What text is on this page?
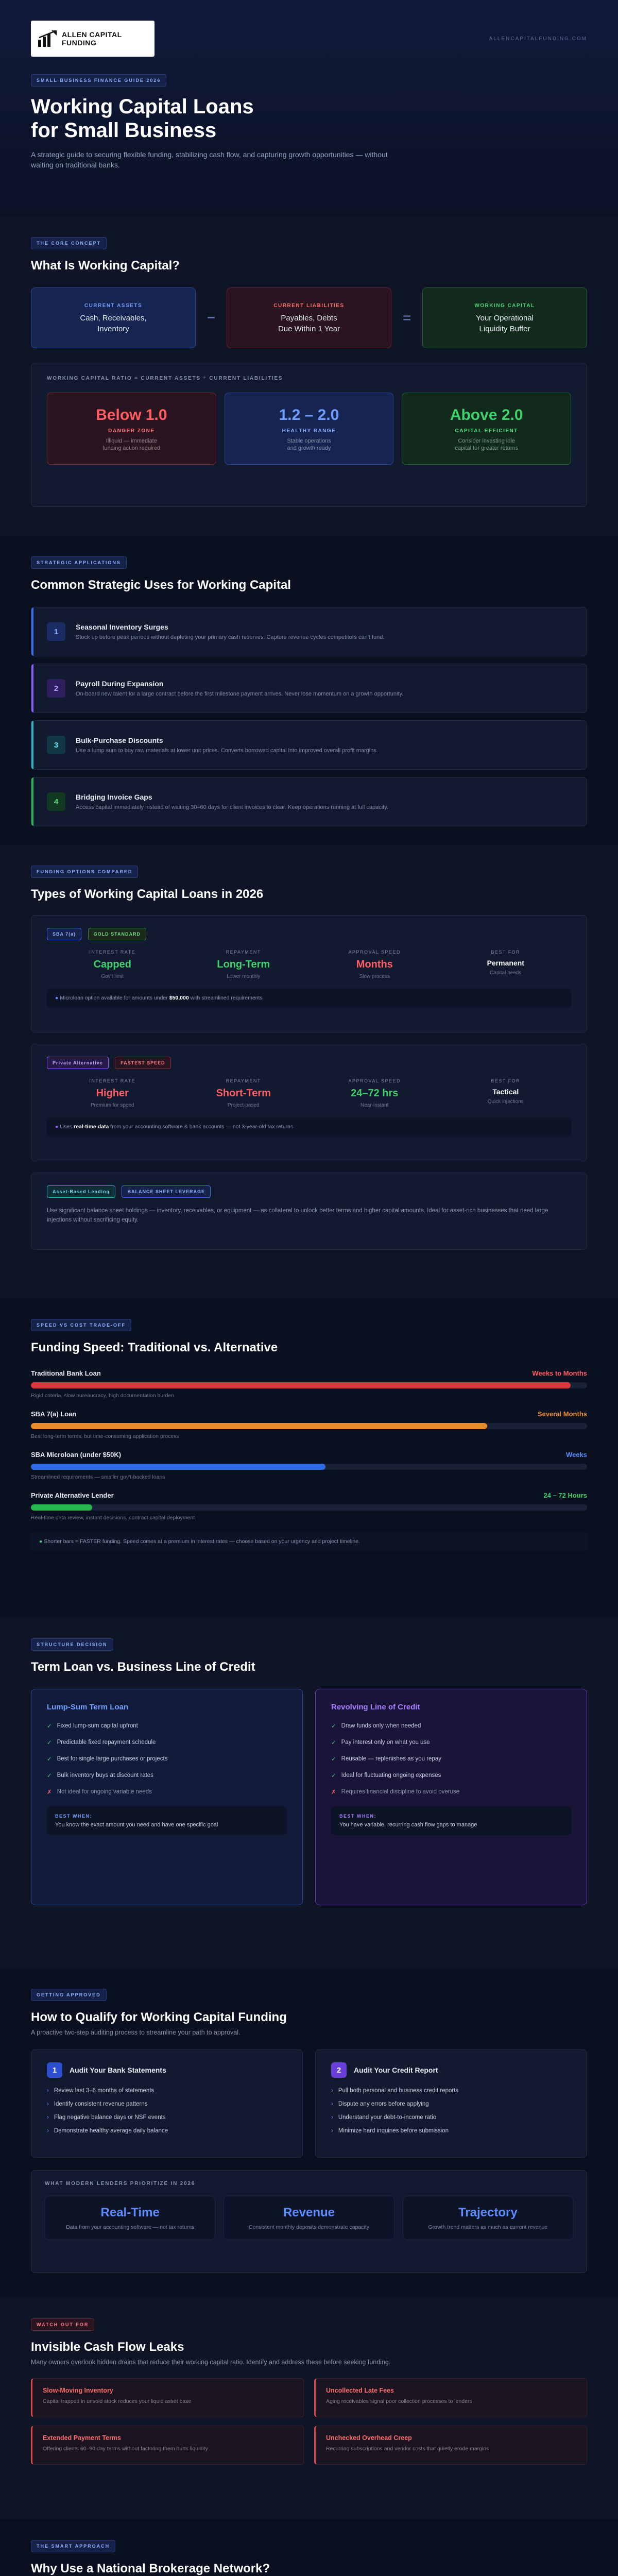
ALLEN CAPITAL
FUNDING	ALLENCAPITALFUNDING.COM
SMALL BUSINESS FINANCE GUIDE 2026
Working Capital Loans
for Small Business
A strategic guide to securing flexible funding, stabilizing cash flow, and capturing growth opportunities — without waiting on traditional banks.
THE CORE CONCEPT
What Is Working Capital?
CURRENT ASSETS
Cash, Receivables,
Inventory
−
CURRENT LIABILITIES
Payables, Debts
Due Within 1 Year
=
WORKING CAPITAL
Your Operational
Liquidity Buffer
WORKING CAPITAL RATIO = CURRENT ASSETS ÷ CURRENT LIABILITIES
Below 1.0
DANGER ZONE
Illiquid — immediate
funding action required
1.2 – 2.0
HEALTHY RANGE
Stable operations
and growth ready
Above 2.0
CAPITAL EFFICIENT
Consider investing idle
capital for greater returns
STRATEGIC APPLICATIONS
Common Strategic Uses for Working Capital
1
Seasonal Inventory Surges
Stock up before peak periods without depleting your primary cash reserves. Capture revenue cycles competitors can't fund.
2
Payroll During Expansion
On-board new talent for a large contract before the first milestone payment arrives. Never lose momentum on a growth opportunity.
3
Bulk-Purchase Discounts
Use a lump sum to buy raw materials at lower unit prices. Converts borrowed capital into improved overall profit margins.
4
Bridging Invoice Gaps
Access capital immediately instead of waiting 30–60 days for client invoices to clear. Keep operations running at full capacity.
FUNDING OPTIONS COMPARED
Types of Working Capital Loans in 2026
SBA 7(a)	GOLD STANDARD
INTEREST RATE
Capped
Gov't limit
REPAYMENT
Long-Term
Lower monthly
APPROVAL SPEED
Months
Slow process
BEST FOR
Permanent
Capital needs
● Microloan option available for amounts under $50,000 with streamlined requirements
Private Alternative	FASTEST SPEED
INTEREST RATE
Higher
Premium for speed
REPAYMENT
Short-Term
Project-based
APPROVAL SPEED
24–72 hrs
Near-instant
BEST FOR
Tactical
Quick injections
● Uses real-time data from your accounting software & bank accounts — not 3-year-old tax returns
Asset-Based Lending	BALANCE SHEET LEVERAGE
Use significant balance sheet holdings — inventory, receivables, or equipment — as collateral to unlock better terms and higher capital amounts. Ideal for asset-rich businesses that need large injections without sacrificing equity.
SPEED VS COST TRADE-OFF
Funding Speed: Traditional vs. Alternative
Traditional Bank Loan	Weeks to Months
Rigid criteria, slow bureaucracy, high documentation burden
SBA 7(a) Loan	Several Months
Best long-term terms, but time-consuming application process
SBA Microloan (under $50K)	Weeks
Streamlined requirements — smaller gov't-backed loans
Private Alternative Lender	24 – 72 Hours
Real-time data review, instant decisions, contract capital deployment
● Shorter bars = FASTER funding. Speed comes at a premium in interest rates — choose based on your urgency and project timeline.
STRUCTURE DECISION
Term Loan vs. Business Line of Credit
Lump-Sum Term Loan
✓ Fixed lump-sum capital upfront
✓ Predictable fixed repayment schedule
✓ Best for single large purchases or projects
✓ Bulk inventory buys at discount rates
✗ Not ideal for ongoing variable needs
BEST WHEN:
You know the exact amount you need and have one specific goal
Revolving Line of Credit
✓ Draw funds only when needed
✓ Pay interest only on what you use
✓ Reusable — replenishes as you repay
✓ Ideal for fluctuating ongoing expenses
✗ Requires financial discipline to avoid overuse
BEST WHEN:
You have variable, recurring cash flow gaps to manage
GETTING APPROVED
How to Qualify for Working Capital Funding
A proactive two-step auditing process to streamline your path to approval.
1	Audit Your Bank Statements
› Review last 3–6 months of statements
› Identify consistent revenue patterns
› Flag negative balance days or NSF events
› Demonstrate healthy average daily balance
2	Audit Your Credit Report
› Pull both personal and business credit reports
› Dispute any errors before applying
› Understand your debt-to-income ratio
› Minimize hard inquiries before submission
WHAT MODERN LENDERS PRIORITIZE IN 2026
Real-Time
Data from your accounting software — not tax returns
Revenue
Consistent monthly deposits demonstrate capacity
Trajectory
Growth trend matters as much as current revenue
WATCH OUT FOR
Invisible Cash Flow Leaks
Many owners overlook hidden drains that reduce their working capital ratio. Identify and address these before seeking funding.
Slow-Moving Inventory
Capital trapped in unsold stock reduces your liquid asset base
Uncollected Late Fees
Aging receivables signal poor collection processes to lenders
Extended Payment Terms
Offering clients 60–90 day terms without factoring them hurts liquidity
Unchecked Overhead Creep
Recurring subscriptions and vendor costs that quietly erode margins
THE SMART APPROACH
Why Use a National Brokerage Network?
